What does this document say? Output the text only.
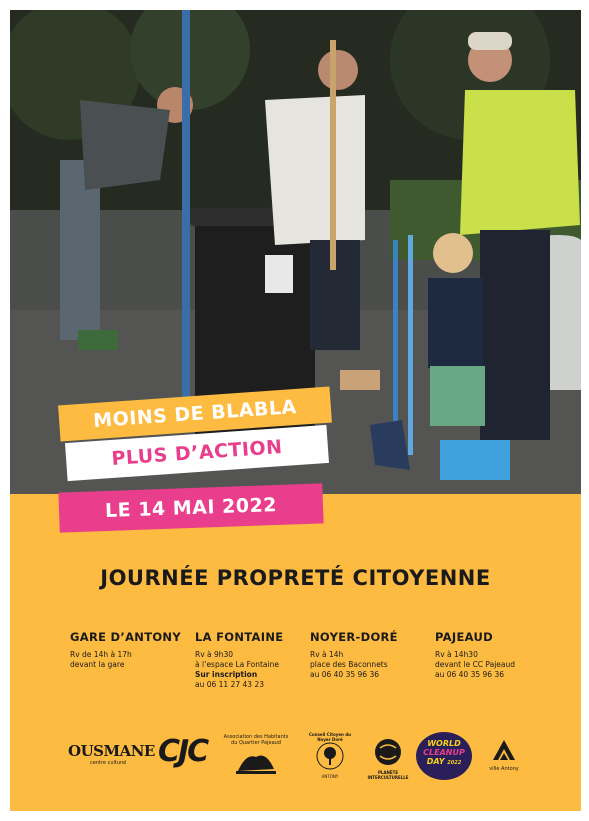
MOINS DE BLABLA
PLUS D’ACTION
LE 14 MAI 2022
JOURNÉE PROPRETÉ CITOYENNE
GARE D’ANTONY
Rv de 14h à 17h
devant la gare
LA FONTAINE
Rv à 9h30
à l’espace La Fontaine
Sur inscription
au 06 11 27 43 23
NOYER-DORÉ
Rv à 14h
place des Baconnets
au 06 40 35 96 36
PAJEAUD
Rv à 14h30
devant le CC Pajeaud
au 06 40 35 96 36
OUSMANE
centre culturel	CJC	Association des Habitants
du Quartier Pajeaud
Conseil Citoyen du Noyer Doré
ANTONY
PLANÈTE INTERCULTURELLE
WORLD
CLEANUP
DAY 2022
ville Antony
